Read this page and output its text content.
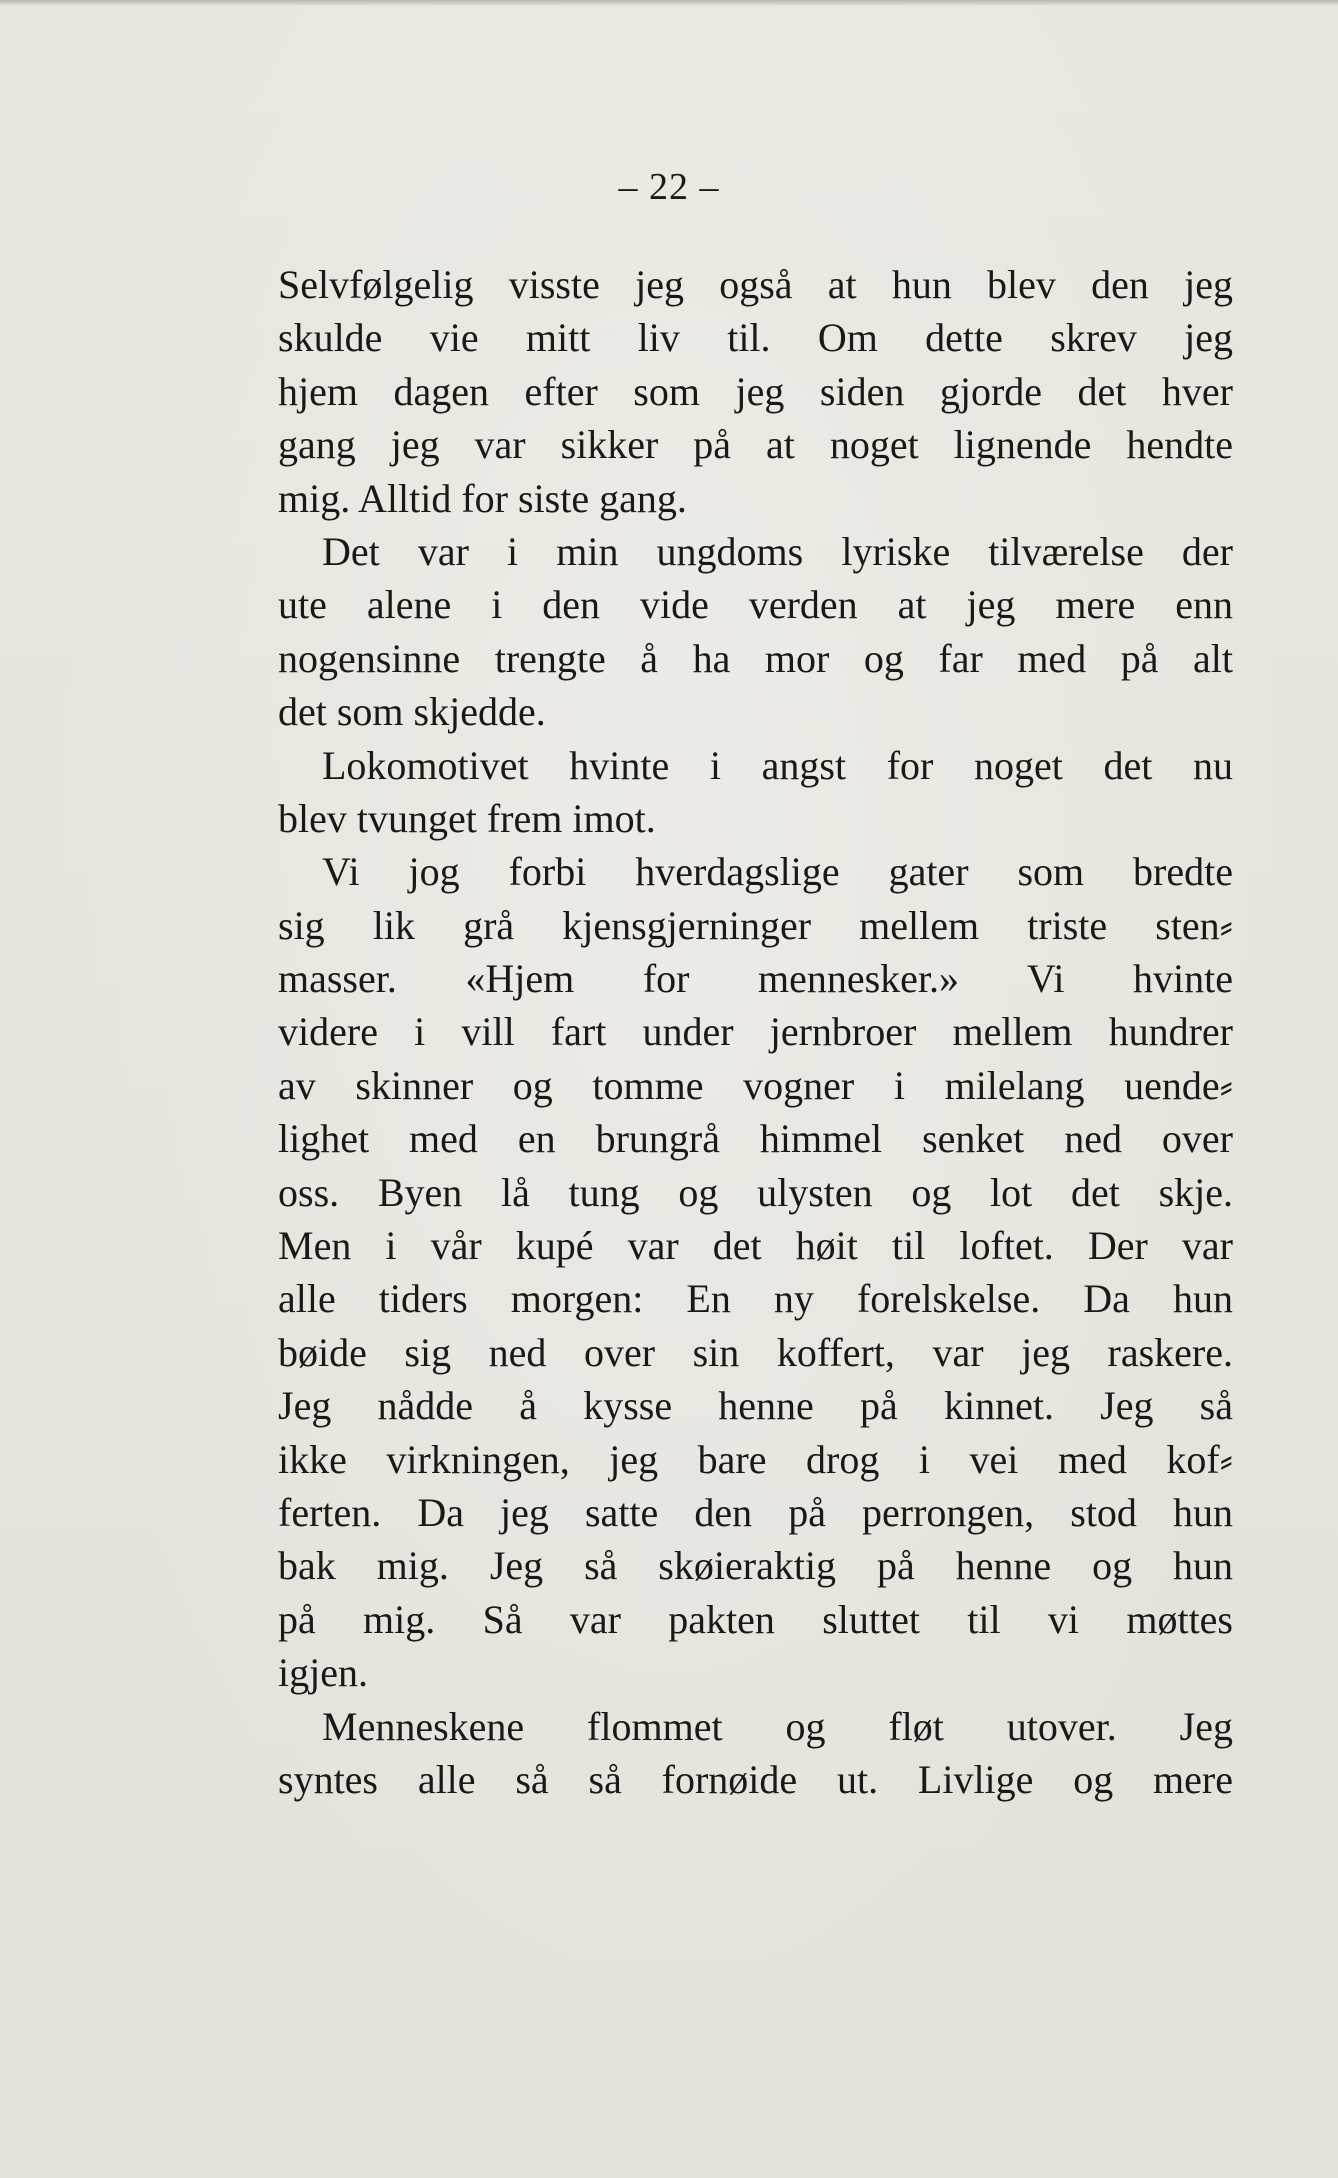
– 22 –
Selvfølgelig visste jeg også at hun blev den jeg
skulde vie mitt liv til. Om dette skrev jeg
hjem dagen efter som jeg siden gjorde det hver
gang jeg var sikker på at noget lignende hendte
mig. Alltid for siste gang.
Det var i min ungdoms lyriske tilværelse der
ute alene i den vide verden at jeg mere enn
nogensinne trengte å ha mor og far med på alt
det som skjedde.
Lokomotivet hvinte i angst for noget det nu
blev tvunget frem imot.
Vi jog forbi hverdagslige gater som bredte
sig lik grå kjensgjerninger mellem triste sten⸗
masser. «Hjem for mennesker.» Vi hvinte
videre i vill fart under jernbroer mellem hundrer
av skinner og tomme vogner i milelang uende⸗
lighet med en brungrå himmel senket ned over
oss. Byen lå tung og ulysten og lot det skje.
Men i vår kupé var det høit til loftet. Der var
alle tiders morgen: En ny forelskelse. Da hun
bøide sig ned over sin koffert, var jeg raskere.
Jeg nådde å kysse henne på kinnet. Jeg så
ikke virkningen, jeg bare drog i vei med kof⸗
ferten. Da jeg satte den på perrongen, stod hun
bak mig. Jeg så skøieraktig på henne og hun
på mig. Så var pakten sluttet til vi møttes
igjen.
Menneskene flommet og fløt utover. Jeg
syntes alle så så fornøide ut. Livlige og mere
